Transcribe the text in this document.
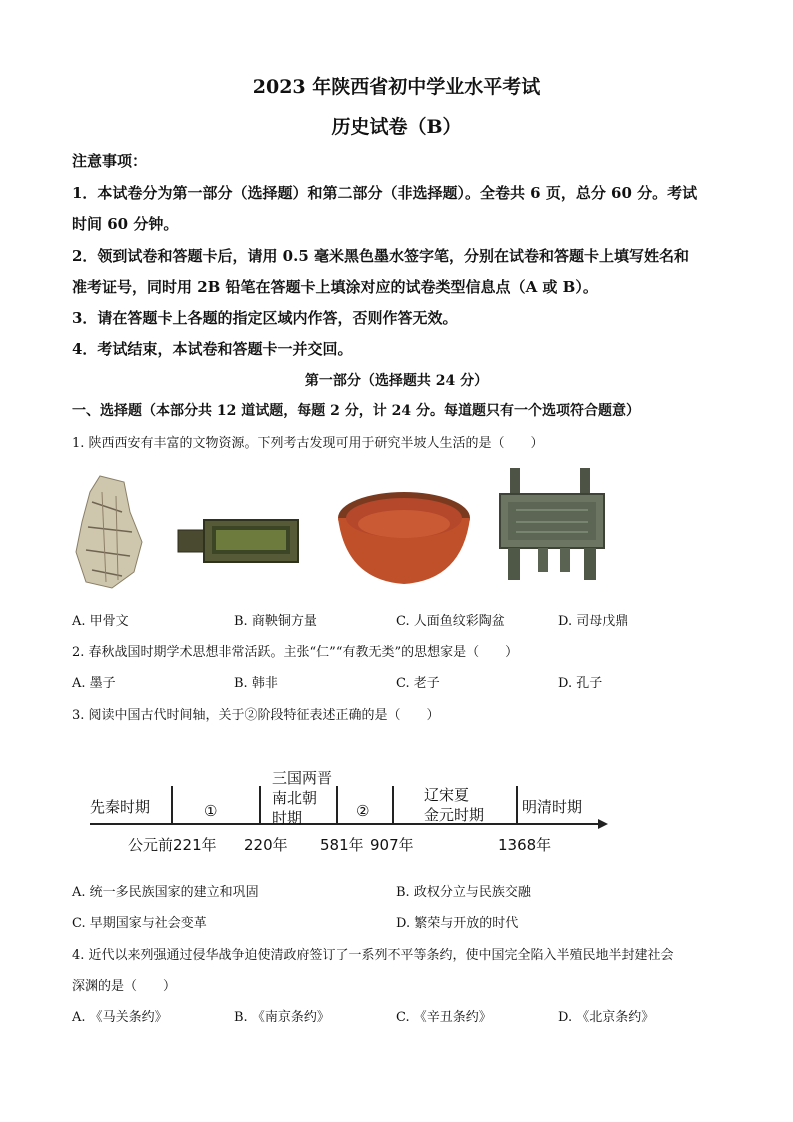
2023 年陕西省初中学业水平考试
历史试卷（B）
注意事项：
1．本试卷分为第一部分（选择题）和第二部分（非选择题）。全卷共 6 页，总分 60 分。考试
时间 60 分钟。
2．领到试卷和答题卡后，请用 0.5 毫米黑色墨水签字笔，分别在试卷和答题卡上填写姓名和
准考证号，同时用 2B 铅笔在答题卡上填涂对应的试卷类型信息点（A 或 B）。
3．请在答题卡上各题的指定区域内作答，否则作答无效。
4．考试结束，本试卷和答题卡一并交回。
第一部分（选择题共 24 分）
一、选择题（本部分共 12 道试题，每题 2 分，计 24 分。每道题只有一个选项符合题意）
1. 陕西西安有丰富的文物资源。下列考古发现可用于研究半坡人生活的是（　　）
A. 甲骨文	B. 商鞅铜方量	C. 人面鱼纹彩陶盆	D. 司母戊鼎
2. 春秋战国时期学术思想非常活跃。主张“仁”“有教无类”的思想家是（　　）
A. 墨子	B. 韩非	C. 老子	D. 孔子
3. 阅读中国古代时间轴，关于②阶段特征表述正确的是（　　）
先秦时期	①
三国两晋
南北朝
时期	②
辽宋夏
金元时期	明清时期
公元前221年 220年 581年 907年	1368年
A. 统一多民族国家的建立和巩固	B. 政权分立与民族交融
C. 早期国家与社会变革	D. 繁荣与开放的时代
4. 近代以来列强通过侵华战争迫使清政府签订了一系列不平等条约，使中国完全陷入半殖民地半封建社会
深渊的是（　　）
A. 《马关条约》	B. 《南京条约》	C. 《辛丑条约》	D. 《北京条约》
